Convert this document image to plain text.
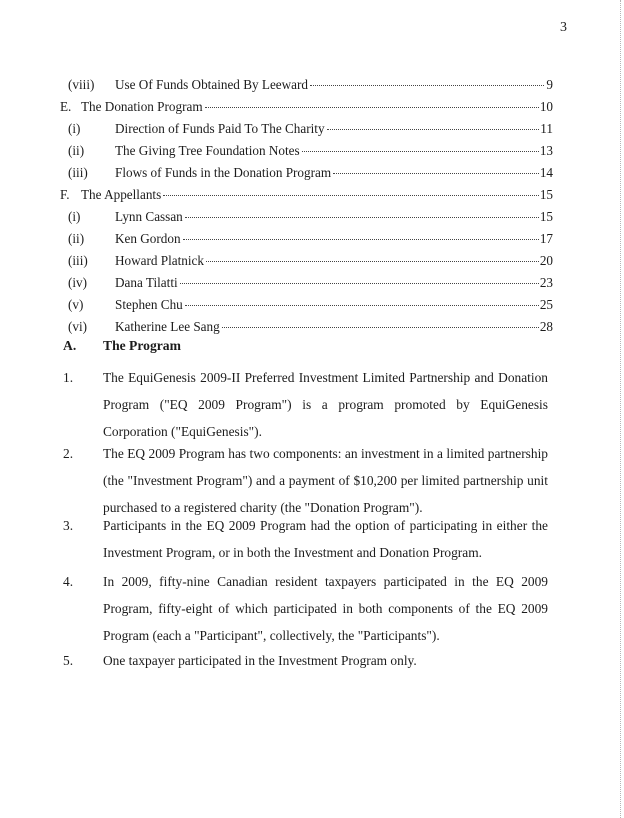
3
(viii)	Use Of Funds Obtained By Leeward	9
E. The Donation Program	10
(i)	Direction of Funds Paid To The Charity	11
(ii)	The Giving Tree Foundation Notes	13
(iii)	Flows of Funds in the Donation Program	14
F. The Appellants	15
(i)	Lynn Cassan	15
(ii)	Ken Gordon	17
(iii)	Howard Platnick	20
(iv)	Dana Tilatti	23
(v)	Stephen Chu	25
(vi)	Katherine Lee Sang	28
A. The Program
1. The EquiGenesis 2009-II Preferred Investment Limited Partnership and Donation Program ("EQ 2009 Program") is a program promoted by EquiGenesis Corporation ("EquiGenesis").
2. The EQ 2009 Program has two components: an investment in a limited partnership (the "Investment Program") and a payment of $10,200 per limited partnership unit purchased to a registered charity (the "Donation Program").
3. Participants in the EQ 2009 Program had the option of participating in either the Investment Program, or in both the Investment and Donation Program.
4. In 2009, fifty-nine Canadian resident taxpayers participated in the EQ 2009 Program, fifty-eight of which participated in both components of the EQ 2009 Program (each a "Participant", collectively, the "Participants").
5. One taxpayer participated in the Investment Program only.
